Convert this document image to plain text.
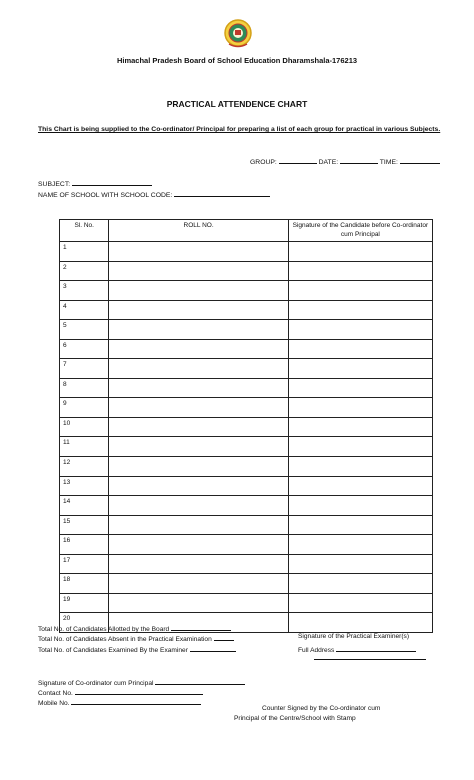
Himachal Pradesh Board of School Education Dharamshala-176213
PRACTICAL ATTENDENCE CHART
This Chart is being supplied to the Co-ordinator/ Principal for preparing a list of each group for practical in various Subjects.
GROUP:	DATE:	TIME:
SUBJECT:
NAME OF SCHOOL WITH SCHOOL CODE:
Sl. No.	ROLL NO.	Signature of the Candidate before Co-ordinator cum Principal
1		
2		
3		
4		
5		
6		
7		
8		
9		
10		
11		
12		
13		
14		
15		
16		
17		
18		
19		
20		
Total No. of Candidates Allotted by the Board
Total No. of Candidates Absent in the Practical Examination
Total No. of Candidates Examined By the Examiner
Signature of the Practical Examiner(s)
Full Address
Signature of Co-ordinator cum Principal
Contact No.
Mobile No.
Counter Signed by the Co-ordinator cum
Principal of the Centre/School with Stamp
